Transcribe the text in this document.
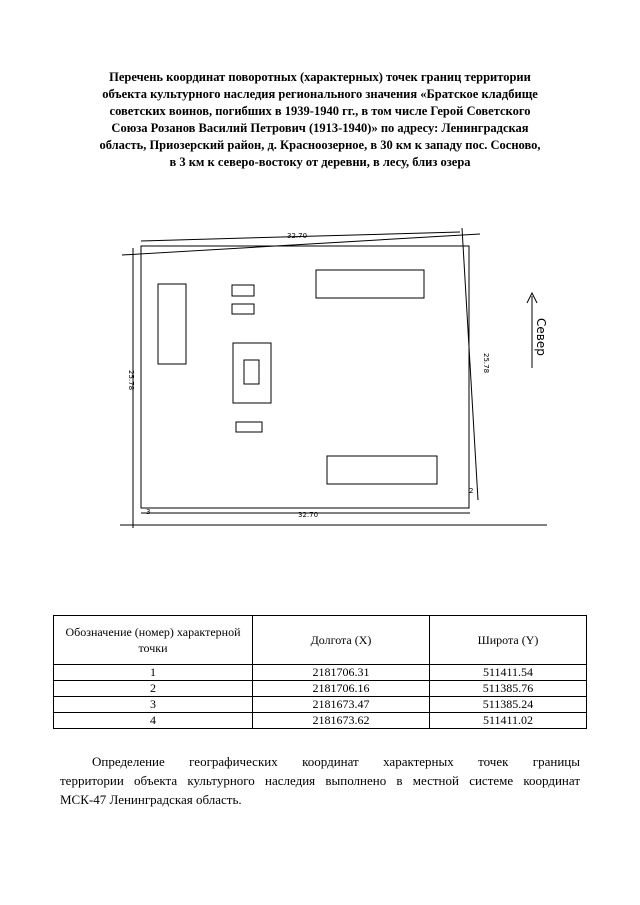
Перечень координат поворотных (характерных) точек границ территории
объекта культурного наследия регионального значения «Братское кладбище
советских воинов, погибших в 1939-1940 гг., в том числе Герой Советского
Союза Розанов Василий Петрович (1913-1940)» по адресу: Ленинградская
область, Приозерский район, д. Красноозерное, в 30 км к западу пос. Сосново,
в 3 км к северо-востоку от деревни, в лесу, близ озера
32.70
32.70
25.78
25.78
2
3
Север
Обозначение (номер) характерной точки	Долгота (X)	Широта (Y)
1	2181706.31	511411.54
2	2181706.16	511385.76
3	2181673.47	511385.24
4	2181673.62	511411.02

Определение географических координат характерных точек границы
территории объекта культурного наследия выполнено в местной системе координат
МСК-47 Ленинградская область.
